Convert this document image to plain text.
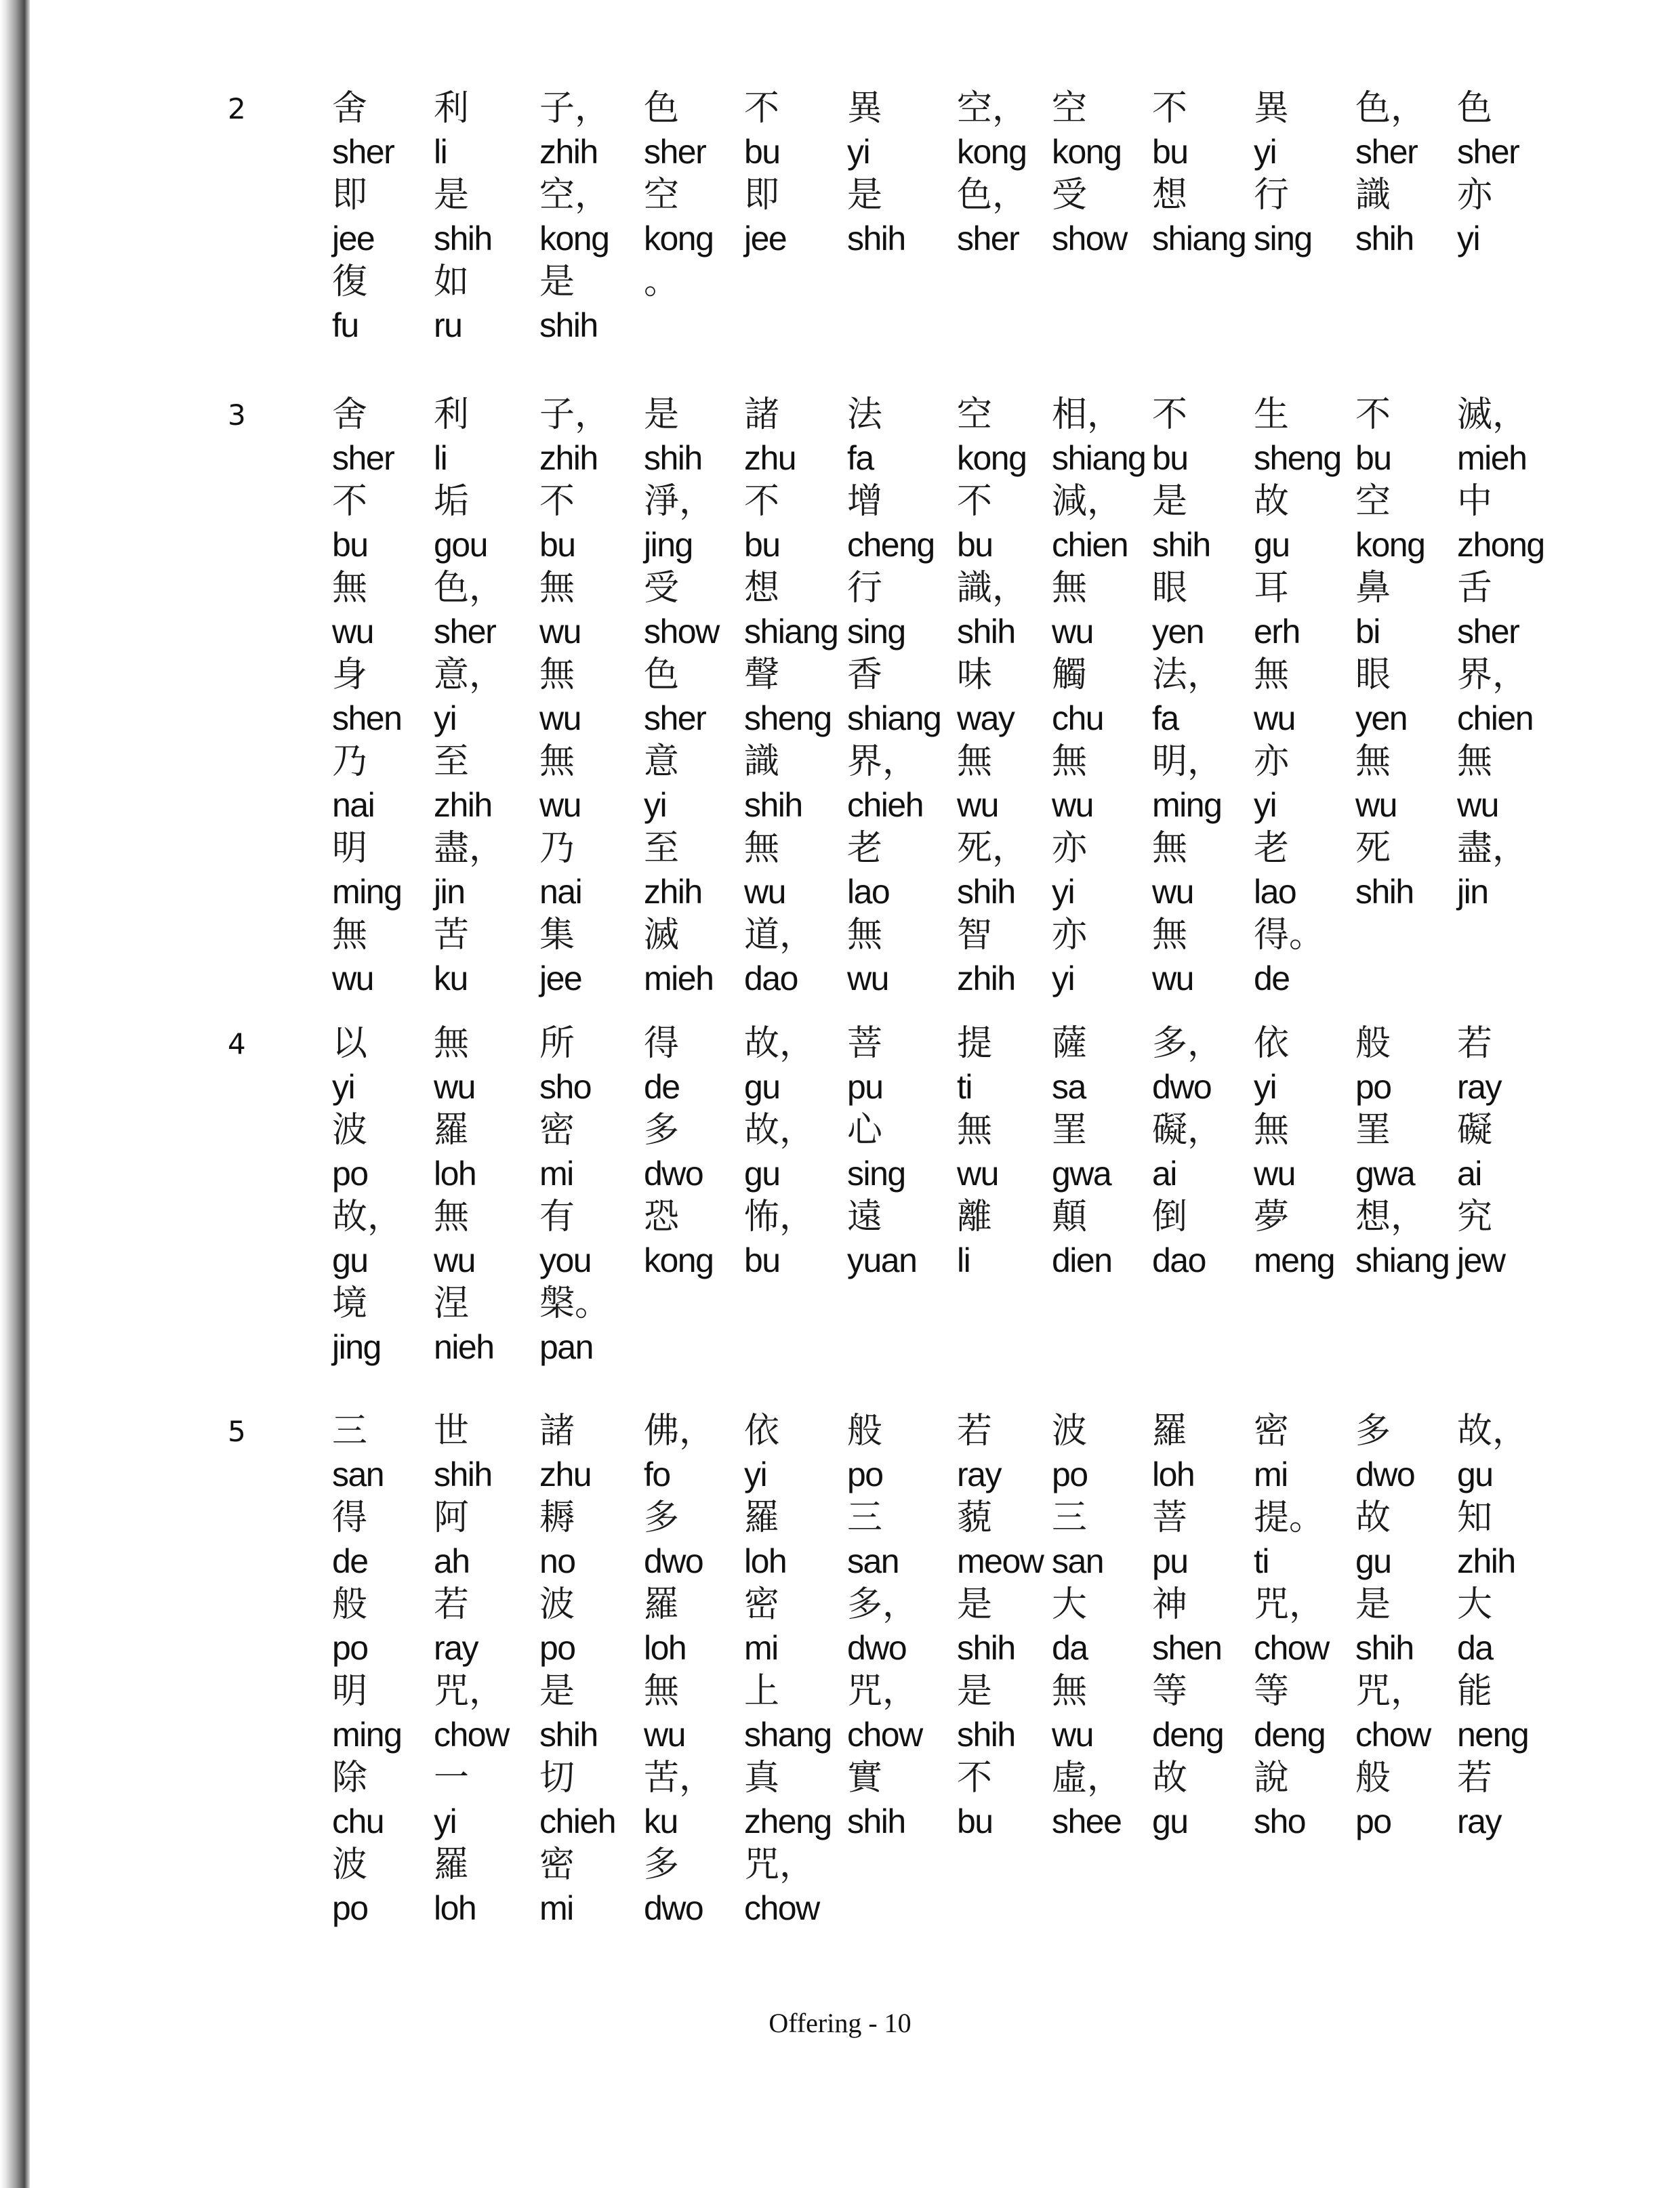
2 舍 利 子， 色 不 異 空， 空 不 異 色， 色
sher li	zhih sher bu yi	kong kong bu yi sher sher
即 是 空， 空 即 是 色， 受 想 行 識 亦
jee shih kong kong jee shih sher show shiang sing shih yi
復 如 是 。
fu ru shih
3 舍 利 子， 是 諸 法 空 相， 不 生 不 滅，
sher li	zhih shih zhu fa kong shiang bu sheng bu mieh
不 垢 不 淨， 不 增 不 減， 是 故 空 中
bu gou bu jing bu cheng bu chien shih gu kong zhong
無 色， 無 受 想 行 識， 無 眼 耳 鼻 舌
wu sher wu show shiang sing shih wu yen erh bi sher
身 意， 無 色 聲 香 味 觸 法， 無 眼 界，
shen yi wu sher sheng shiang way chu fa wu yen chien
乃 至 無 意 識 界， 無 無 明， 亦 無 無
nai zhih wu yi shih chieh wu wu ming yi wu wu
明 盡， 乃 至 無 老 死， 亦 無 老 死 盡，
ming jin nai zhih wu lao shih yi wu lao shih jin
無 苦 集 滅 道， 無 智 亦 無 得。
wu ku jee mieh dao wu zhih yi wu de
4 以 無 所 得 故， 菩 提 薩 多， 依 般 若
yi wu sho de gu pu ti sa dwo yi po ray
波 羅 密 多 故， 心 無 罣 礙， 無 罣 礙
po loh mi dwo gu sing wu gwa ai wu gwa ai
故， 無 有 恐 怖， 遠 離 顛 倒 夢 想， 究
gu wu you kong bu yuan li dien dao meng shiang jew
境 涅 槃。
jing nieh pan
5 三 世 諸 佛， 依 般 若 波 羅 密 多 故，
san shih zhu fo yi po ray po loh mi dwo gu
得 阿 耨 多 羅 三 藐 三 菩 提。 故 知
de ah no dwo loh san meow san pu ti	gu zhih
般 若 波 羅 密 多， 是 大 神 咒， 是 大
po ray po loh mi dwo shih da shen chow shih da
明 咒， 是 無 上 咒， 是 無 等 等 咒， 能
ming chow shih wu shang chow shih wu deng deng chow neng
除 一 切 苦， 真 實 不 虛， 故 說 般 若
chu yi chieh ku zheng shih bu shee gu sho po ray
波 羅 密 多 咒，
po loh mi dwo chow
Offering - 10
